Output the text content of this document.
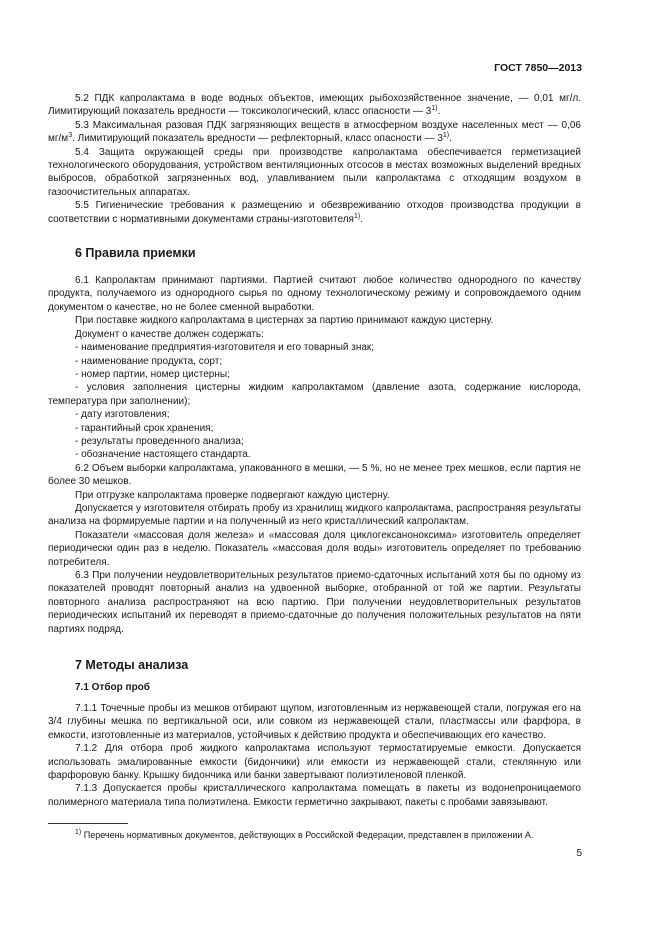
ГОСТ 7850—2013

5.2 ПДК капролактама в воде водных объектов, имеющих рыбохозяйственное значение, — 0,01 мг/л. Лимитирующий показатель вредности — токсикологический, класс опасности — 3$^{1)}$.

5.3 Максимальная разовая ПДК загрязняющих веществ в атмосферном воздухе населенных мест — 0,06 $мг/м^3$. Лимитирующий показатель вредности — рефлекторный, класс опасности — 3$^{1)}$.

5.4 Защита окружающей среды при производстве капролактама обеспечивается герметизацией технологического оборудования, устройством вентиляционных отсосов в местах возможных выделений вредных выбросов, обработкой загрязненных вод, улавливанием пыли капролактама с отходящим воздухом в газоочистительных аппаратах.

5.5 Гигиенические требования к размещению и обезвреживанию отходов производства продукции в соответствии с нормативными документами страны-изготовителя$^{1)}$.

6 Правила приемки

6.1 Капролактам принимают партиями. Партией считают любое количество однородного по качеству продукта, получаемого из однородного сырья по одному технологическому режиму и сопровождаемого одним документом о качестве, но не более сменной выработки.

При поставке жидкого капролактама в цистернах за партию принимают каждую цистерну.

Документ о качестве должен содержать:

- наименование предприятия-изготовителя и его товарный знак;

- наименование продукта, сорт;

- номер партии, номер цистерны;

- условия заполнения цистерны жидким капролактамом (давление азота, содержание кислорода, температура при заполнении);

- дату изготовления;

- гарантийный срок хранения;

- результаты проведенного анализа;

- обозначение настоящего стандарта.

6.2 Объем выборки капролактама, упакованного в мешки, — 5 %, но не менее трех мешков, если партия не более 30 мешков.

При отгрузке капролактама проверке подвергают каждую цистерну.

Допускается у изготовителя отбирать пробу из хранилищ жидкого капролактама, распространяя результаты анализа на формируемые партии и на полученный из него кристаллический капролактам.

Показатели «массовая доля железа» и «массовая доля циклогексаноноксима» изготовитель определяет периодически один раз в неделю. Показатель «массовая доля воды» изготовитель определяет по требованию потребителя.

6.3 При получении неудовлетворительных результатов приемо-сдаточных испытаний хотя бы по одному из показателей проводят повторный анализ на удвоенной выборке, отобранной от той же партии. Результаты повторного анализа распространяют на всю партию. При получении неудовлетворительных результатов периодических испытаний их переводят в приемо-сдаточные до получения положительных результатов на пяти партиях подряд.

7 Методы анализа
7.1 Отбор проб

7.1.1 Точечные пробы из мешков отбирают щупом, изготовленным из нержавеющей стали, погружая его на 3/4 глубины мешка по вертикальной оси, или совком из нержавеющей стали, пластмассы или фарфора, в емкости, изготовленные из материалов, устойчивых к действию продукта и обеспечивающих его качество.

7.1.2 Для отбора проб жидкого капролактама используют термостатируемые емкости. Допускается использовать эмалированные емкости (бидончики) или емкости из нержавеющей стали, стеклянную или фарфоровую банку. Крышку бидончика или банки завертывают полиэтиленовой пленкой.

7.1.3 Допускается пробы кристаллического капролактама помещать в пакеты из водонепроницаемого полимерного материала типа полиэтилена. Емкости герметично закрывают, пакеты с пробами завязывают.

$^{1)}$ Перечень нормативных документов, действующих в Российской Федерации, представлен в приложении А.
5
